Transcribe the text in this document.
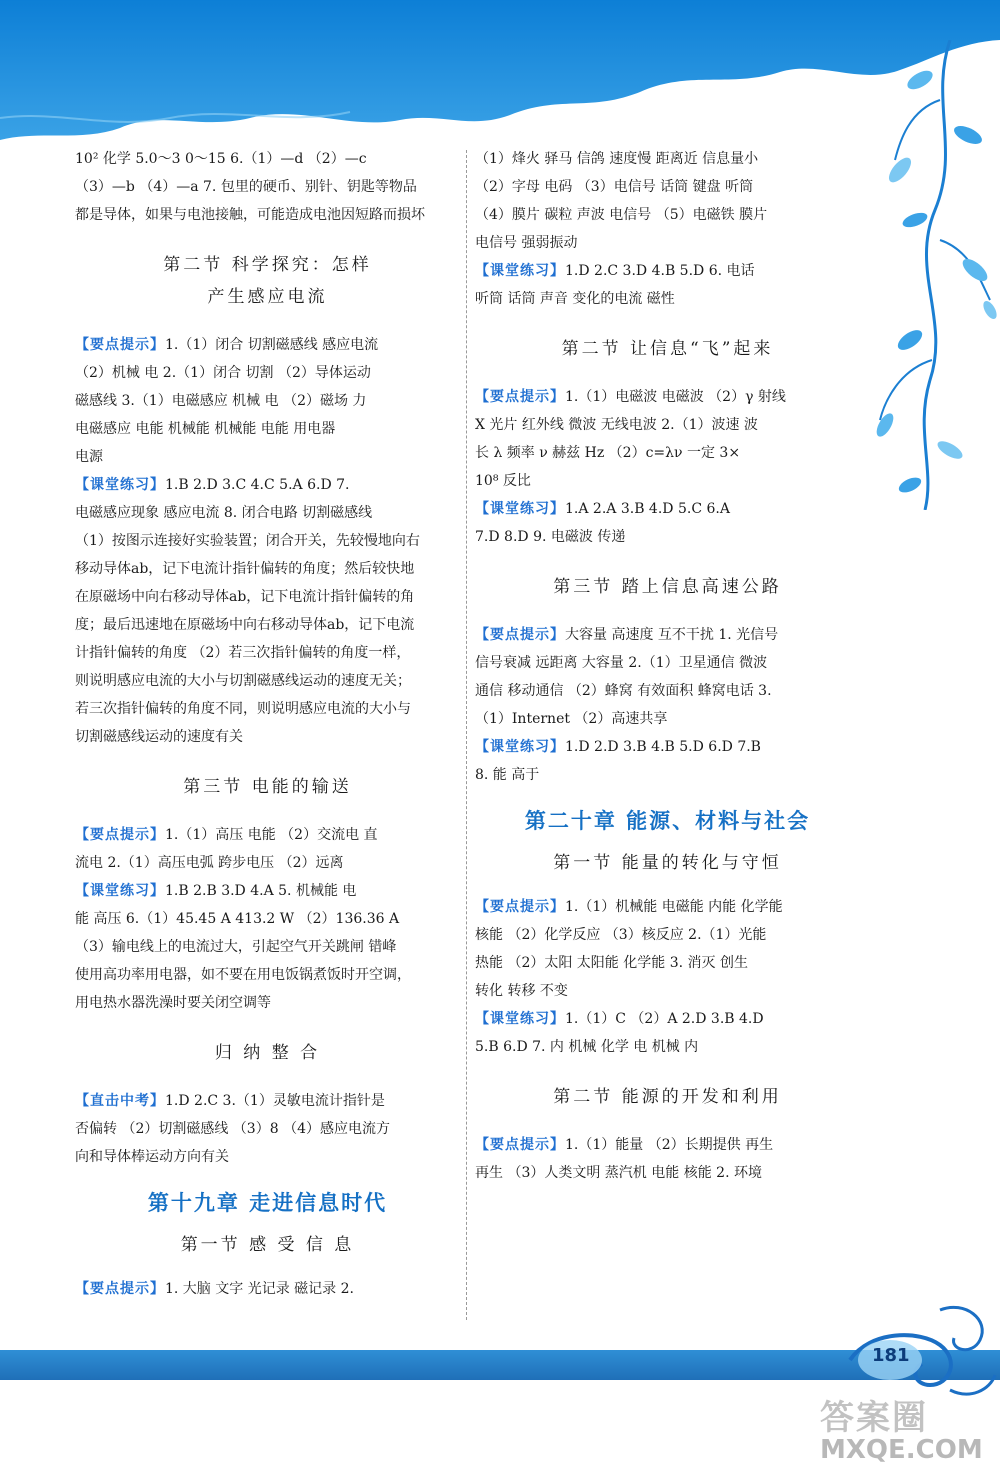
10² 化学 5.0～3 0～15 6.（1）—d （2）—c

（3）—b （4）—a 7. 包里的硬币、别针、钥匙等物品

都是导体，如果与电池接触，可能造成电池因短路而损坏

第二节 科学探究：怎样
产生感应电流

【要点提示】1.（1）闭合 切割磁感线 感应电流

（2）机械 电 2.（1）闭合 切割 （2）导体运动

磁感线 3.（1）电磁感应 机械 电 （2）磁场 力

电磁感应 电能 机械能 机械能 电能 用电器

电源

【课堂练习】1.B 2.D 3.C 4.C 5.A 6.D 7.

电磁感应现象 感应电流 8. 闭合电路 切割磁感线

（1）按图示连接好实验装置；闭合开关，先较慢地向右

移动导体ab，记下电流计指针偏转的角度；然后较快地

在原磁场中向右移动导体ab，记下电流计指针偏转的角

度；最后迅速地在原磁场中向右移动导体ab，记下电流

计指针偏转的角度 （2）若三次指针偏转的角度一样，

则说明感应电流的大小与切割磁感线运动的速度无关；

若三次指针偏转的角度不同，则说明感应电流的大小与

切割磁感线运动的速度有关

第三节 电能的输送

【要点提示】1.（1）高压 电能 （2）交流电 直

流电 2.（1）高压电弧 跨步电压 （2）远离

【课堂练习】1.B 2.B 3.D 4.A 5. 机械能 电

能 高压 6.（1）45.45 A 413.2 W （2）136.36 A

（3）输电线上的电流过大，引起空气开关跳闸 错峰

使用高功率用电器，如不要在用电饭锅煮饭时开空调，

用电热水器洗澡时要关闭空调等

归 纳 整 合

【直击中考】1.D 2.C 3.（1）灵敏电流计指针是

否偏转 （2）切割磁感线 （3）8 （4）感应电流方

向和导体棒运动方向有关

第十九章 走进信息时代
第一节 感 受 信 息

【要点提示】1. 大脑 文字 光记录 磁记录 2.

（1）烽火 驿马 信鸽 速度慢 距离近 信息量小

（2）字母 电码 （3）电信号 话筒 键盘 听筒

（4）膜片 碳粒 声波 电信号 （5）电磁铁 膜片

电信号 强弱振动

【课堂练习】1.D 2.C 3.D 4.B 5.D 6. 电话

听筒 话筒 声音 变化的电流 磁性

第二节 让信息“飞”起来

【要点提示】1.（1）电磁波 电磁波 （2）γ 射线

X 光片 红外线 微波 无线电波 2.（1）波速 波

长 λ 频率 ν 赫兹 Hz （2）c=λν 一定 3×

10⁸ 反比

【课堂练习】1.A 2.A 3.B 4.D 5.C 6.A

7.D 8.D 9. 电磁波 传递

第三节 踏上信息高速公路

【要点提示】大容量 高速度 互不干扰 1. 光信号

信号衰减 远距离 大容量 2.（1）卫星通信 微波

通信 移动通信 （2）蜂窝 有效面积 蜂窝电话 3.

（1）Internet （2）高速共享

【课堂练习】1.D 2.D 3.B 4.B 5.D 6.D 7.B

8. 能 高于

第二十章 能源、材料与社会
第一节 能量的转化与守恒

【要点提示】1.（1）机械能 电磁能 内能 化学能

核能 （2）化学反应 （3）核反应 2.（1）光能

热能 （2）太阳 太阳能 化学能 3. 消灭 创生

转化 转移 不变

【课堂练习】1.（1）C （2）A 2.D 3.B 4.D

5.B 6.D 7. 内 机械 化学 电 机械 内

第二节 能源的开发和利用

【要点提示】1.（1）能量 （2）长期提供 再生

再生 （3）人类文明 蒸汽机 电能 核能 2. 环境

181
答案圈
MXQE.COM
